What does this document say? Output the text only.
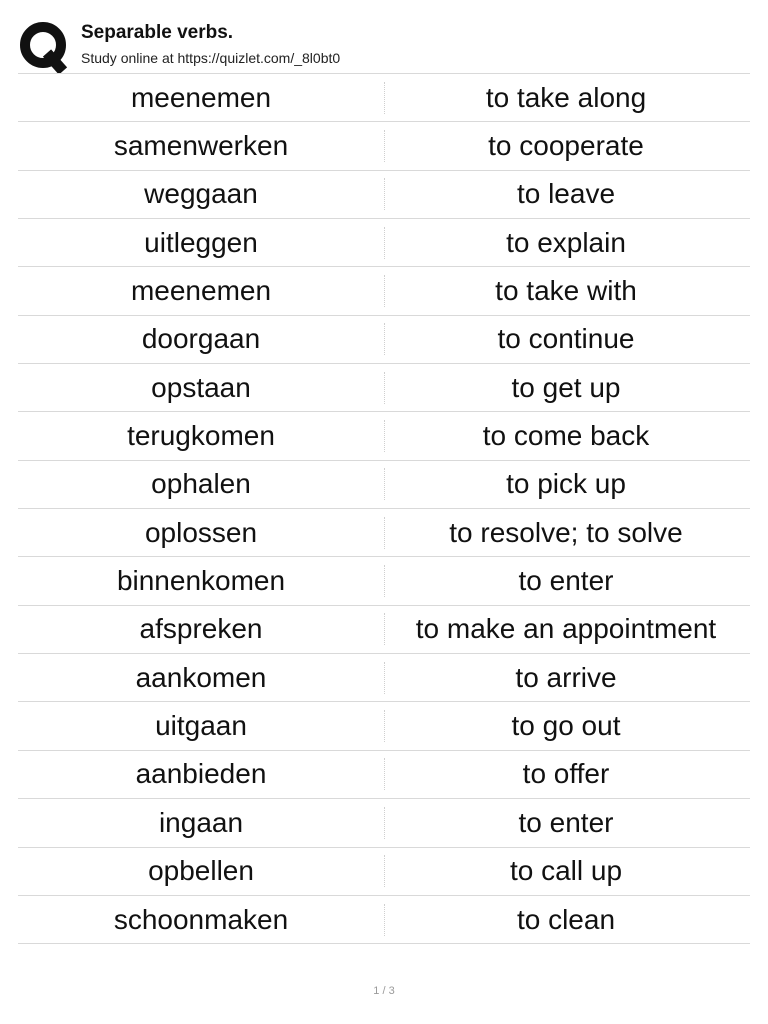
Separable verbs.
Study online at https://quizlet.com/_8l0bt0
meenemen	to take along
samenwerken	to cooperate
weggaan	to leave
uitleggen	to explain
meenemen	to take with
doorgaan	to continue
opstaan	to get up
terugkomen	to come back
ophalen	to pick up
oplossen	to resolve; to solve
binnenkomen	to enter
afspreken	to make an appointment
aankomen	to arrive
uitgaan	to go out
aanbieden	to offer
ingaan	to enter
opbellen	to call up
schoonmaken	to clean
1 / 3
